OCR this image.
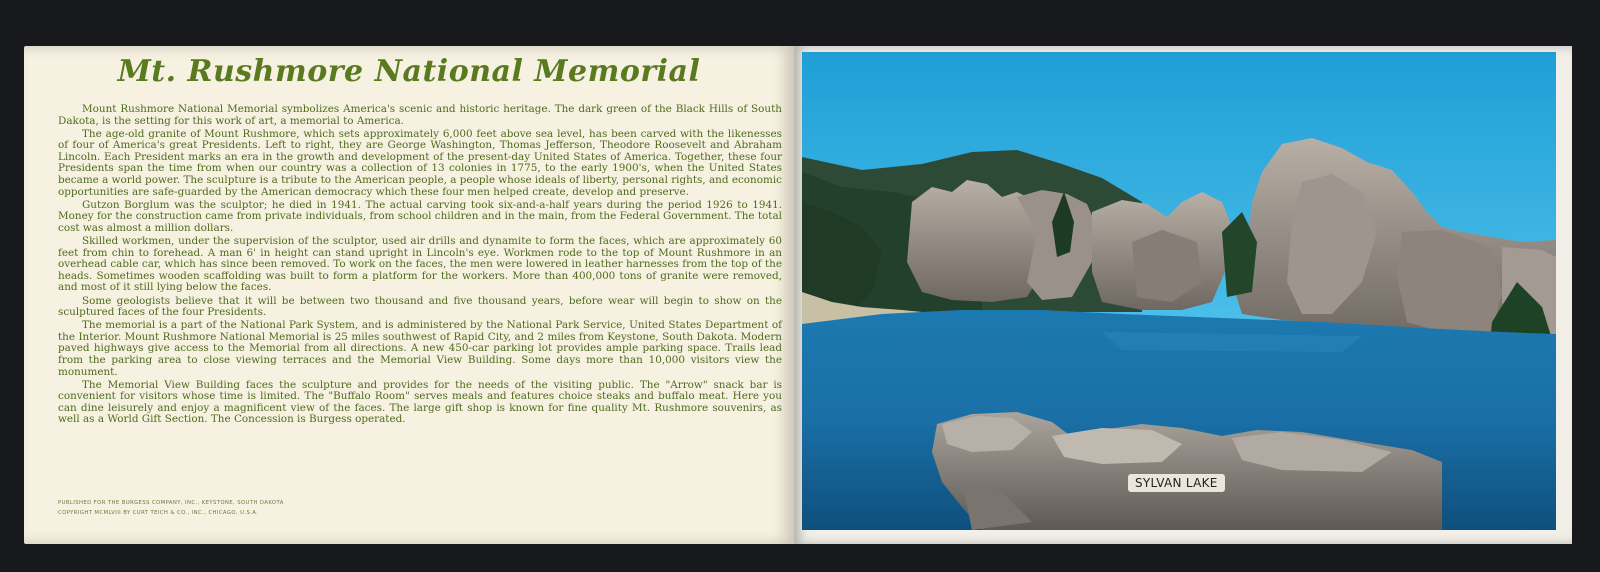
Mt. Rushmore National Memorial

Mount Rushmore National Memorial symbolizes America's scenic and historic heritage. The dark green of the Black Hills of South Dakota, is the setting for this work of art, a memorial to America.

The age-old granite of Mount Rushmore, which sets approximately 6,000 feet above sea level, has been carved with the likenesses of four of America's great Presidents. Left to right, they are George Washington, Thomas Jefferson, Theodore Roosevelt and Abraham Lincoln. Each President marks an era in the growth and development of the present-day United States of America. Together, these four Presidents span the time from when our country was a collection of 13 colonies in 1775, to the early 1900's, when the United States became a world power. The sculpture is a tribute to the American people, a people whose ideals of liberty, personal rights, and economic opportunities are safe-guarded by the American democracy which these four men helped create, develop and preserve.

Gutzon Borglum was the sculptor; he died in 1941. The actual carving took six-and-a-half years during the period 1926 to 1941. Money for the construction came from private individuals, from school children and in the main, from the Federal Government. The total cost was almost a million dollars.

Skilled workmen, under the supervision of the sculptor, used air drills and dynamite to form the faces, which are approximately 60 feet from chin to forehead. A man 6' in height can stand upright in Lincoln's eye. Workmen rode to the top of Mount Rushmore in an overhead cable car, which has since been removed. To work on the faces, the men were lowered in leather harnesses from the top of the heads. Sometimes wooden scaffolding was built to form a platform for the workers. More than 400,000 tons of granite were removed, and most of it still lying below the faces.

Some geologists believe that it will be between two thousand and five thousand years, before wear will begin to show on the sculptured faces of the four Presidents.

The memorial is a part of the National Park System, and is administered by the National Park Service, United States Department of the Interior. Mount Rushmore National Memorial is 25 miles southwest of Rapid City, and 2 miles from Keystone, South Dakota. Modern paved highways give access to the Memorial from all directions. A new 450-car parking lot provides ample parking space. Trails lead from the parking area to close viewing terraces and the Memorial View Building. Some days more than 10,000 visitors view the monument.

The Memorial View Building faces the sculpture and provides for the needs of the visiting public. The "Arrow" snack bar is convenient for visitors whose time is limited. The "Buffalo Room" serves meals and features choice steaks and buffalo meat. Here you can dine leisurely and enjoy a magnificent view of the faces. The large gift shop is known for fine quality Mt. Rushmore souvenirs, as well as a World Gift Section. The Concession is Burgess operated.

PUBLISHED FOR THE BURGESS COMPANY, INC., KEYSTONE, SOUTH DAKOTA
COPYRIGHT MCMLVIII BY CURT TEICH & CO., INC., CHICAGO, U.S.A.
SYLVAN LAKE
